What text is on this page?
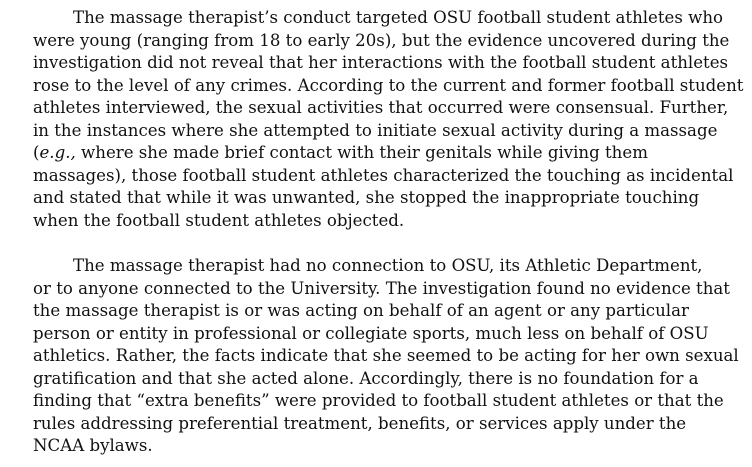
The massage therapist’s conduct targeted OSU football student athletes who
were young (ranging from 18 to early 20s), but the evidence uncovered during the
investigation did not reveal that her interactions with the football student athletes
rose to the level of any crimes. According to the current and former football student
athletes interviewed, the sexual activities that occurred were consensual. Further,
in the instances where she attempted to initiate sexual activity during a massage
(e.g., where she made brief contact with their genitals while giving them
massages), those football student athletes characterized the touching as incidental
and stated that while it was unwanted, she stopped the inappropriate touching
when the football student athletes objected.
The massage therapist had no connection to OSU, its Athletic Department,
or to anyone connected to the University. The investigation found no evidence that
the massage therapist is or was acting on behalf of an agent or any particular
person or entity in professional or collegiate sports, much less on behalf of OSU
athletics. Rather, the facts indicate that she seemed to be acting for her own sexual
gratification and that she acted alone. Accordingly, there is no foundation for a
finding that “extra benefits” were provided to football student athletes or that the
rules addressing preferential treatment, benefits, or services apply under the
NCAA bylaws.
